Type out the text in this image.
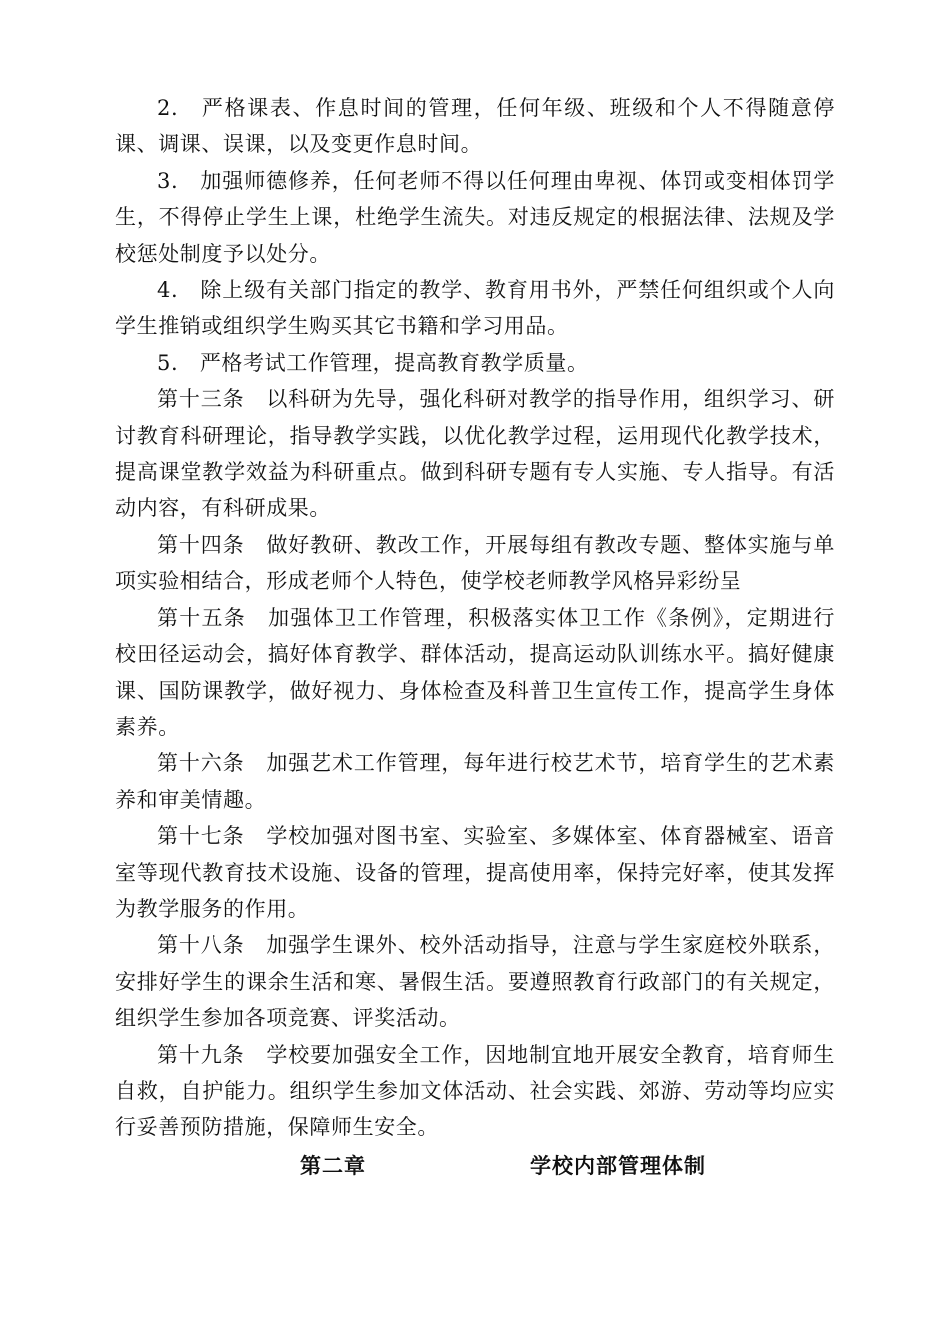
2.　严格课表、作息时间的管理，任何年级、班级和个人不得随意停课、调课、误课，以及变更作息时间。

3.　加强师德修养，任何老师不得以任何理由卑视、体罚或变相体罚学生，不得停止学生上课，杜绝学生流失。对违反规定的根据法律、法规及学校惩处制度予以处分。

4.　除上级有关部门指定的教学、教育用书外，严禁任何组织或个人向学生推销或组织学生购买其它书籍和学习用品。

5.　严格考试工作管理，提高教育教学质量。

第十三条　以科研为先导，强化科研对教学的指导作用，组织学习、研讨教育科研理论，指导教学实践，以优化教学过程，运用现代化教学技术，提高课堂教学效益为科研重点。做到科研专题有专人实施、专人指导。有活动内容，有科研成果。

第十四条　做好教研、教改工作，开展每组有教改专题、整体实施与单项实验相结合，形成老师个人特色，使学校老师教学风格异彩纷呈

第十五条　加强体卫工作管理，积极落实体卫工作《条例》，定期进行校田径运动会，搞好体育教学、群体活动，提高运动队训练水平。搞好健康课、国防课教学，做好视力、身体检查及科普卫生宣传工作，提高学生身体素养。

第十六条　加强艺术工作管理，每年进行校艺术节，培育学生的艺术素养和审美情趣。

第十七条　学校加强对图书室、实验室、多媒体室、体育器械室、语音室等现代教育技术设施、设备的管理，提高使用率，保持完好率，使其发挥为教学服务的作用。

第十八条　加强学生课外、校外活动指导，注意与学生家庭校外联系，安排好学生的课余生活和寒、暑假生活。要遵照教育行政部门的有关规定，组织学生参加各项竞赛、评奖活动。

第十九条　学校要加强安全工作，因地制宜地开展安全教育，培育师生自救，自护能力。组织学生参加文体活动、社会实践、郊游、劳动等均应实行妥善预防措施，保障师生安全。

第二章	学校内部管理体制
